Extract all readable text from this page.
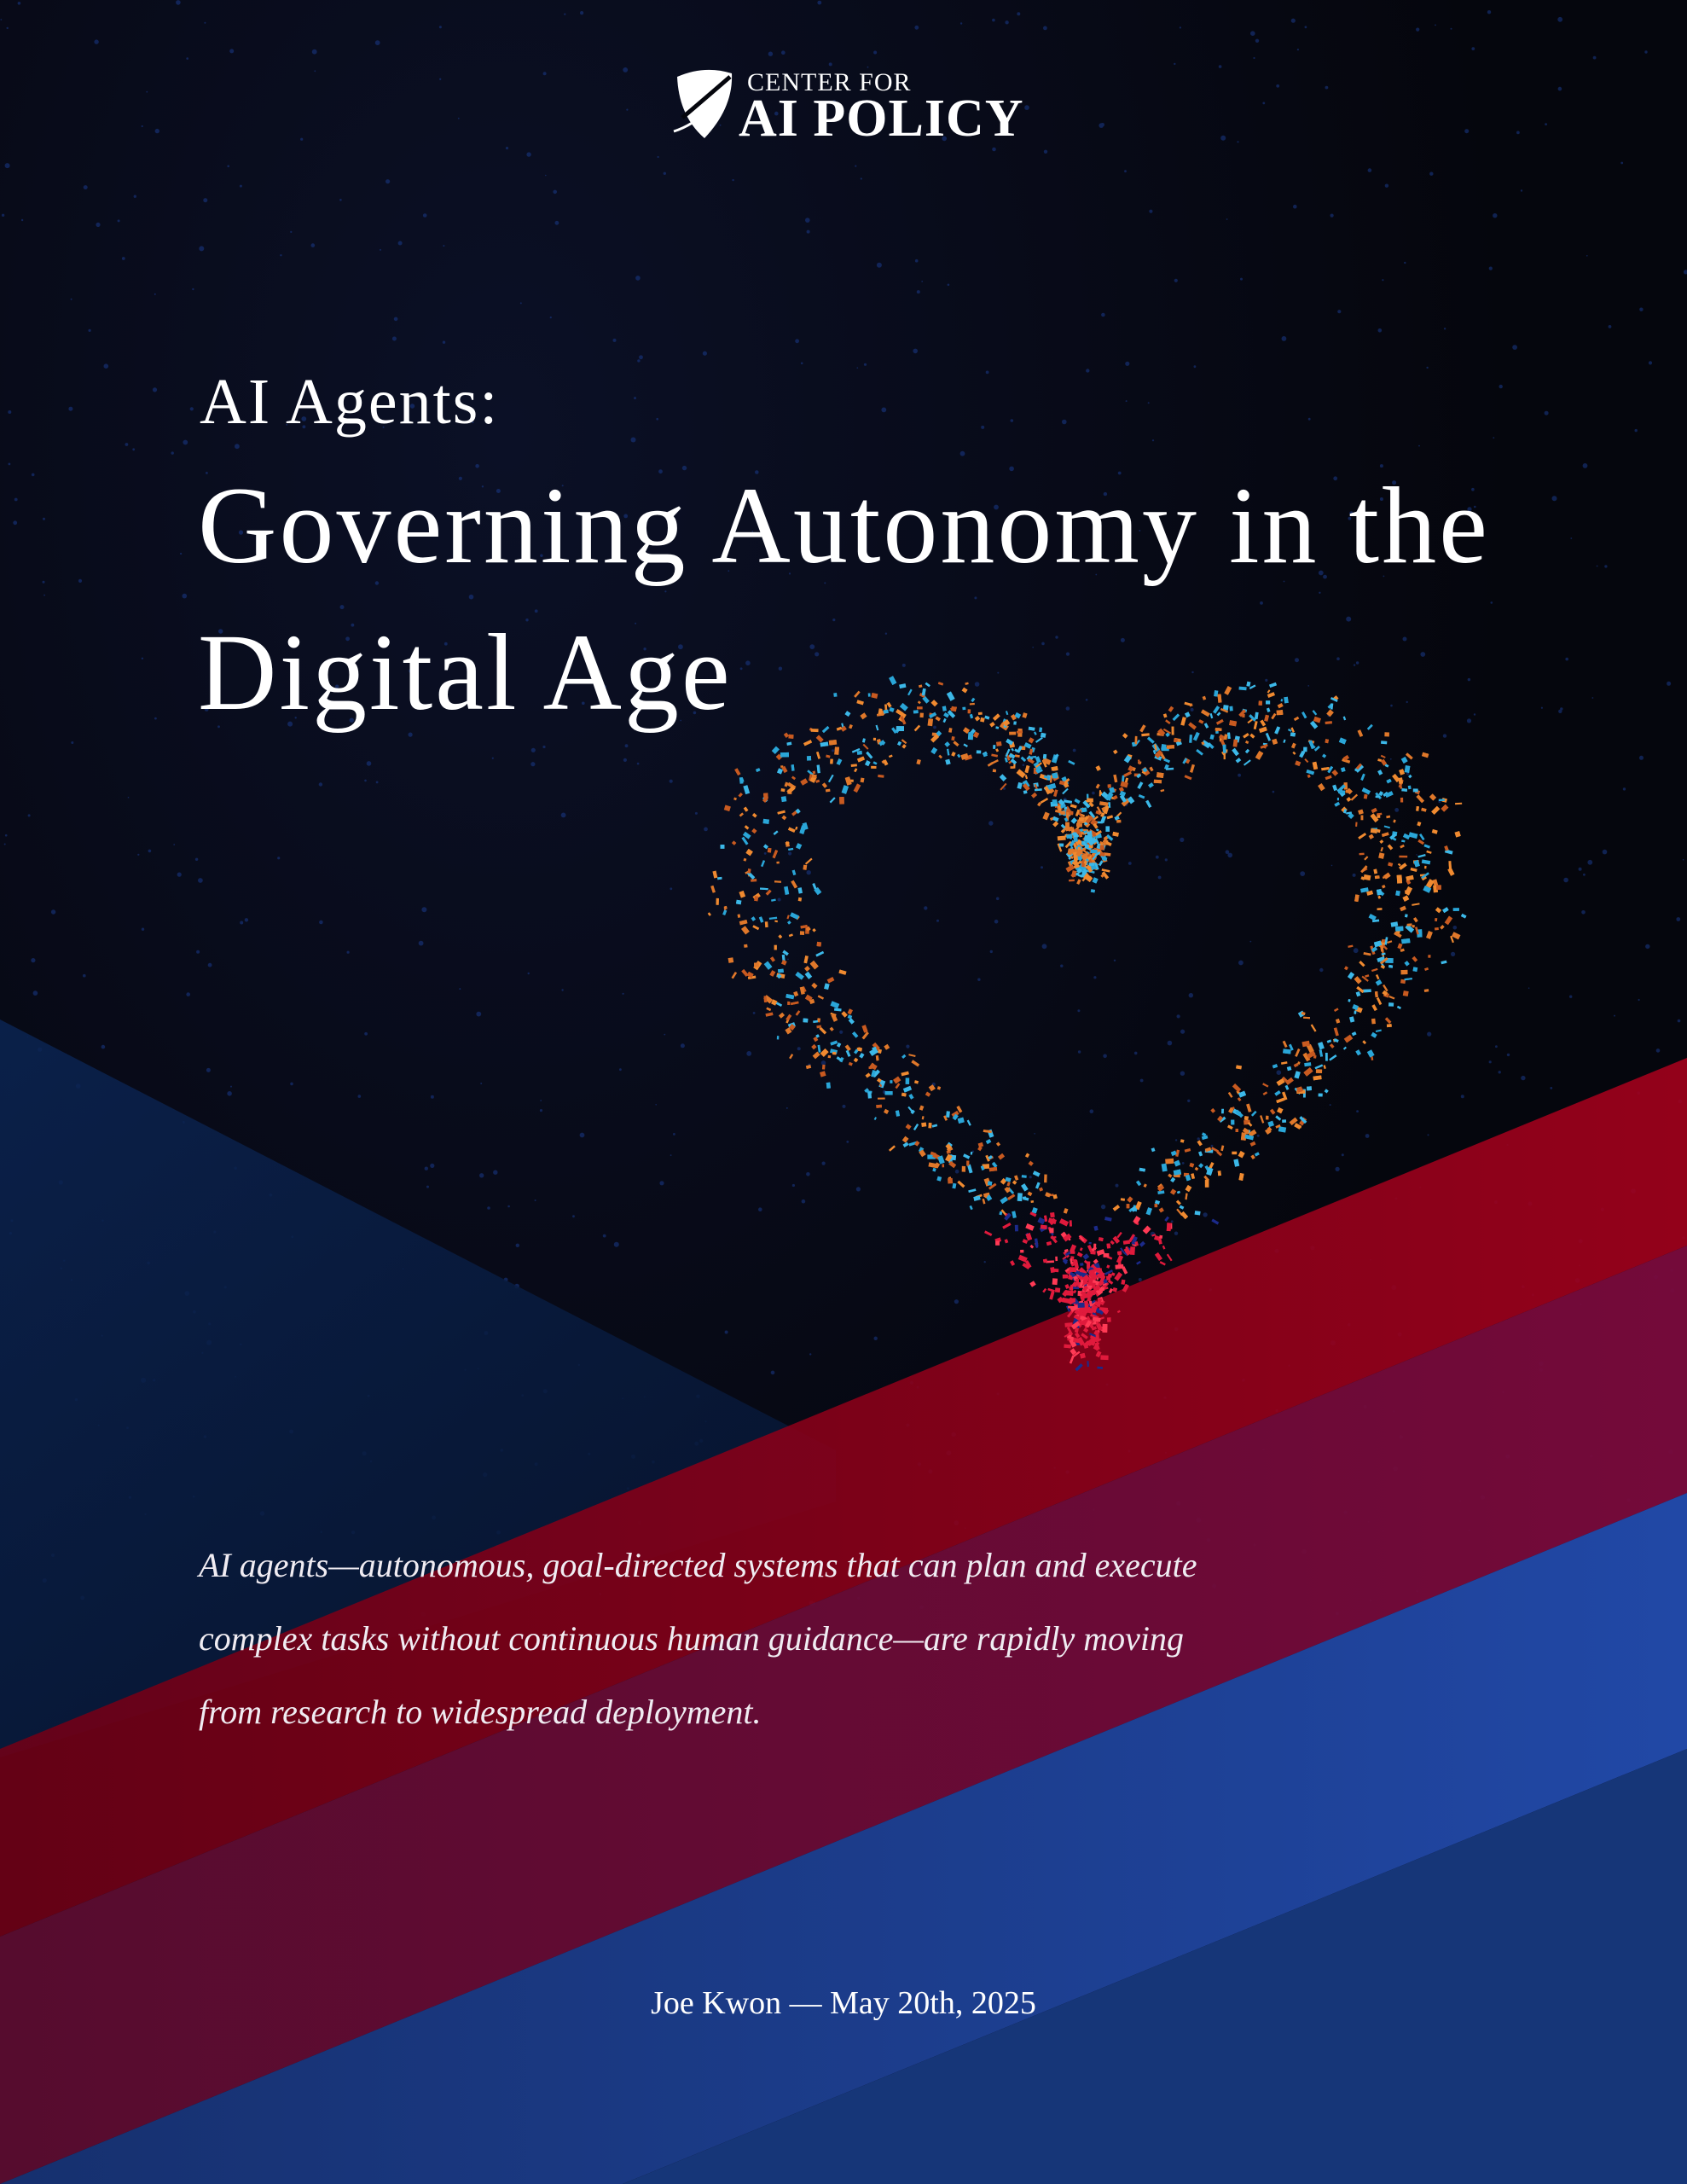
CENTER FOR
AI POLICY
AI Agents:
Governing Autonomy in the Digital Age
AI agents—autonomous, goal-directed systems that can plan and execute complex tasks without continuous human guidance—are rapidly moving from research to widespread deployment.
Joe Kwon — May 20th, 2025
